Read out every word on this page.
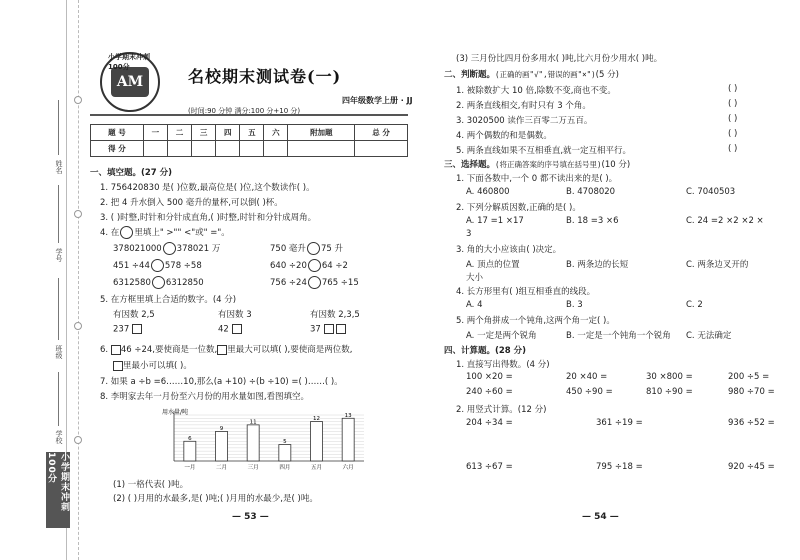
姓名
学号
班级
学校
小学期末冲刺100分
小学期末冲刺100分
AM	名校期末测试卷(一)
四年级数学上册 · JJ
(时间:90 分钟 满分:100 分+10 分)
题 号	一	二	三	四	五	六	附加题	总 分
得 分								
一、填空题。(27 分)
1. 756420830 是( )位数,最高位是( )位,这个数读作( )。
2. 把 4 升水倒入 500 毫升的量杯,可以倒( )杯。
3. ( )时整,时针和分针成直角,( )时整,时针和分针成周角。
4. 在 里填上" >"" <"或" ="。
378021000 378021 万	750 毫升 75 升
451 ÷44 578 ÷58	640 ÷20 64 ÷2
6312580 6312850	756 ÷24 765 ÷15
5. 在方框里填上合适的数字。(4 分)
有因数 2,5	有因数 3	有因数 2,3,5
237	42	37
6. 46 ÷24,要使商是一位数, 里最大可以填( ),要使商是两位数,
里最小可以填( )。
7. 如果 a ÷b =6……10,那么(a +10) ÷(b ÷10) =( )……( )。
8. 李明家去年一月份至六月份的用水量如图,看图填空。
用水量/吨
6
一月
9
二月
11
三月
5
四月
12
五月
13
六月
(1) 一格代表( )吨。
(2) ( )月用的水最多,是( )吨;( )月用的水最少,是( )吨。
— 53 —
(3) 三月份比四月份多用水( )吨,比六月份少用水( )吨。
二、判断题。(正确的画"√",错误的画"×")(5 分)
1. 被除数扩大 10 倍,除数不变,商也不变。	( )
2. 两条直线相交,有时只有 3 个角。	( )
3. 3020500 读作三百零二万五百。	( )
4. 两个偶数的和是偶数。	( )
5. 两条直线如果不互相垂直,就一定互相平行。	( )
三、选择题。(将正确答案的序号填在括号里)(10 分)
1. 下面各数中,一个 0 都不读出来的是( )。
A. 460800	B. 4708020	C. 7040503
2. 下列分解质因数,正确的是( )。
A. 17 =1 ×17	B. 18 =3 ×6	C. 24 =2 ×2 ×2 ×
3
3. 角的大小应该由( )决定。
A. 顶点的位置	B. 两条边的长短	C. 两条边叉开的
大小
4. 长方形里有( )组互相垂直的线段。
A. 4	B. 3	C. 2
5. 两个角拼成一个钝角,这两个角一定( )。
A. 一定是两个锐角	B. 一定是一个钝角一个锐角 C. 无法确定
四、计算题。(28 分)
1. 直接写出得数。(4 分)
100 ×20 =	20 ×40 =	30 ×800 =	200 ÷5 =
240 ÷60 =	450 ÷90 =	810 ÷90 =	980 ÷70 =
2. 用竖式计算。(12 分)
204 ÷34 =	361 ÷19 =	936 ÷52 =
613 ÷67 =	795 ÷18 =	920 ÷45 =
— 54 —
